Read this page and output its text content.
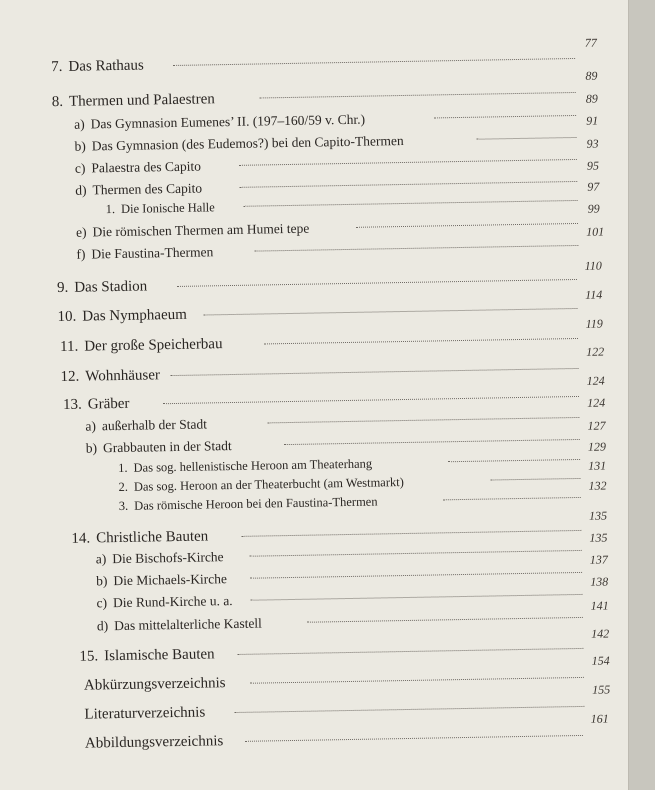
7. Das Rathaus
77
8. Thermen und Palaestren
89
a) Das Gymnasion Eumenes’ II. (197–160/59 v. Chr.)
89
b) Das Gymnasion (des Eudemos?) bei den Capito-Thermen
91
c) Palaestra des Capito
93
d) Thermen des Capito
95
1. Die Ionische Halle
97
e) Die römischen Thermen am Humei tepe
99
f) Die Faustina-Thermen
101
9. Das Stadion
110
10. Das Nymphaeum
114
11. Der große Speicherbau
119
12. Wohnhäuser
122
13. Gräber
124
a) außerhalb der Stadt
124
b) Grabbauten in der Stadt
127
1. Das sog. hellenistische Heroon am Theaterhang
129
2. Das sog. Heroon an der Theaterbucht (am Westmarkt)
131
3. Das römische Heroon bei den Faustina-Thermen
132
14. Christliche Bauten
135
a) Die Bischofs-Kirche
135
b) Die Michaels-Kirche
137
c) Die Rund-Kirche u. a.
138
d) Das mittelalterliche Kastell
141
15. Islamische Bauten
142
Abkürzungsverzeichnis
154
Literaturverzeichnis
155
Abbildungsverzeichnis
161
